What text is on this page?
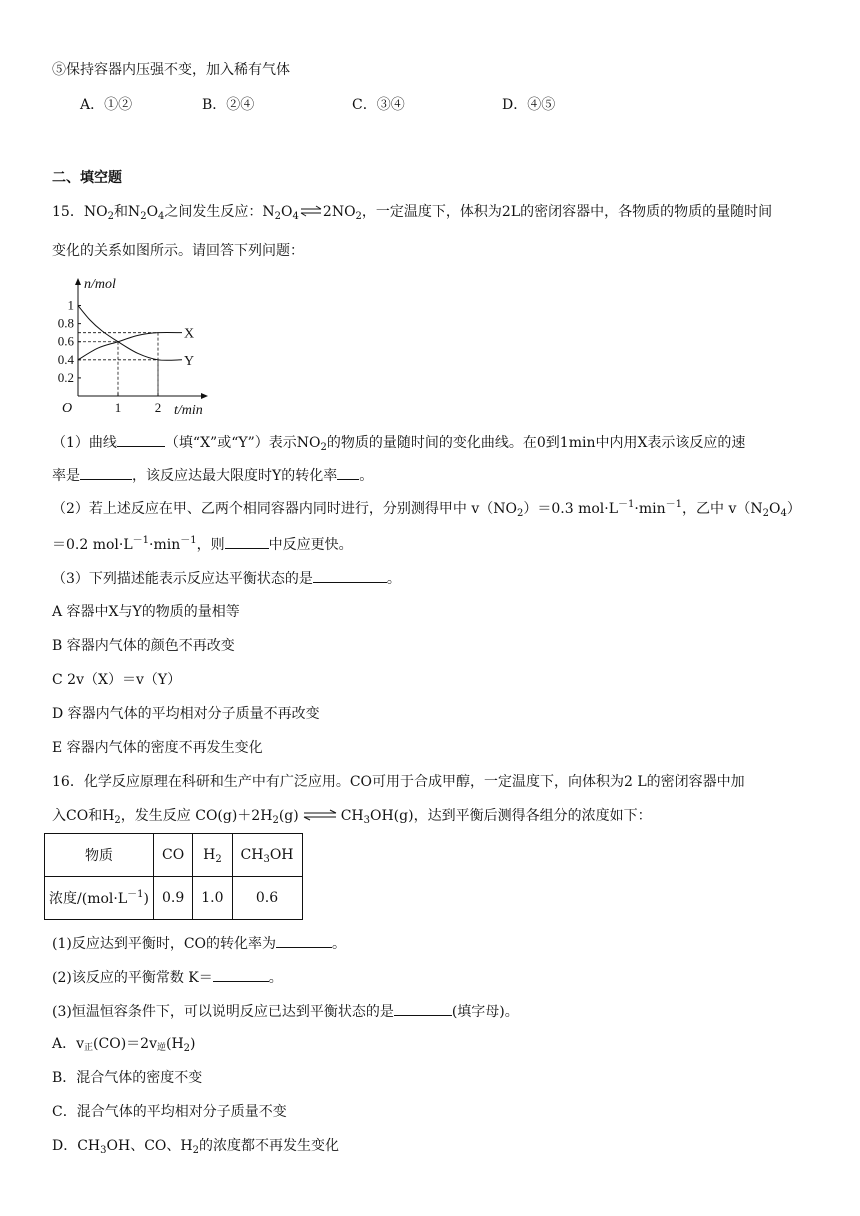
⑤保持容器内压强不变，加入稀有气体
A．①②	B．②④	C．③④	D．④⑤
二、填空题
15．$NO_2$和$N_2O_4$之间发生反应：$N_2O_4\rightleftharpoons 2NO_2$，一定温度下，体积为2L的密闭容器中，各物质的物质的量随时间
变化的关系如图所示。请回答下列问题：
1
0.8
0.6
0.4
0.2
1	2
n/mol
t/min
O
X
Y
（1）曲线	（填“X”或“Y”）表示$NO_2$的物质的量随时间的变化曲线。在0到1min中内用X表示该反应的速
率是	，该反应达最大限度时Y的转化率 。
（2）若上述反应在甲、乙两个相同容器内同时进行，分别测得甲中 $v(NO_2)=0.3$ $mol\cdot L^{-1}\cdot\min^{-1}$，乙中 $v(N_2O_4)$
＝0.2 $mol\cdot L^{-1}\cdot\min^{-1}$，则	中反应更快。
（3）下列描述能表示反应达平衡状态的是	。
A 容器中X与Y的物质的量相等
B 容器内气体的颜色不再改变
C 2v（X）＝v（Y）
D 容器内气体的平均相对分子质量不再改变
E 容器内气体的密度不再发生变化
16．化学反应原理在科研和生产中有广泛应用。CO可用于合成甲醇，一定温度下，向体积为2 L的密闭容器中加
入CO和$H_2$，发生反应 $CO(g)+2H_2(g)$ ⇌ $CH_3OH(g)$，达到平衡后测得各组分的浓度如下：
物质	CO	$H_2$	$CH_3OH$
浓度$/(mol\cdot L^{-1})$	0.9	1.0	0.6
(1)反应达到平衡时，CO的转化率为	。
(2)该反应的平衡常数 K＝	。
(3)恒温恒容条件下，可以说明反应已达到平衡状态的是	(填字母)。
A．$v_正(CO)=2v_逆(H_2)$
B．混合气体的密度不变
C．混合气体的平均相对分子质量不变
D．$CH_3OH$、CO、$H_2$的浓度都不再发生变化
